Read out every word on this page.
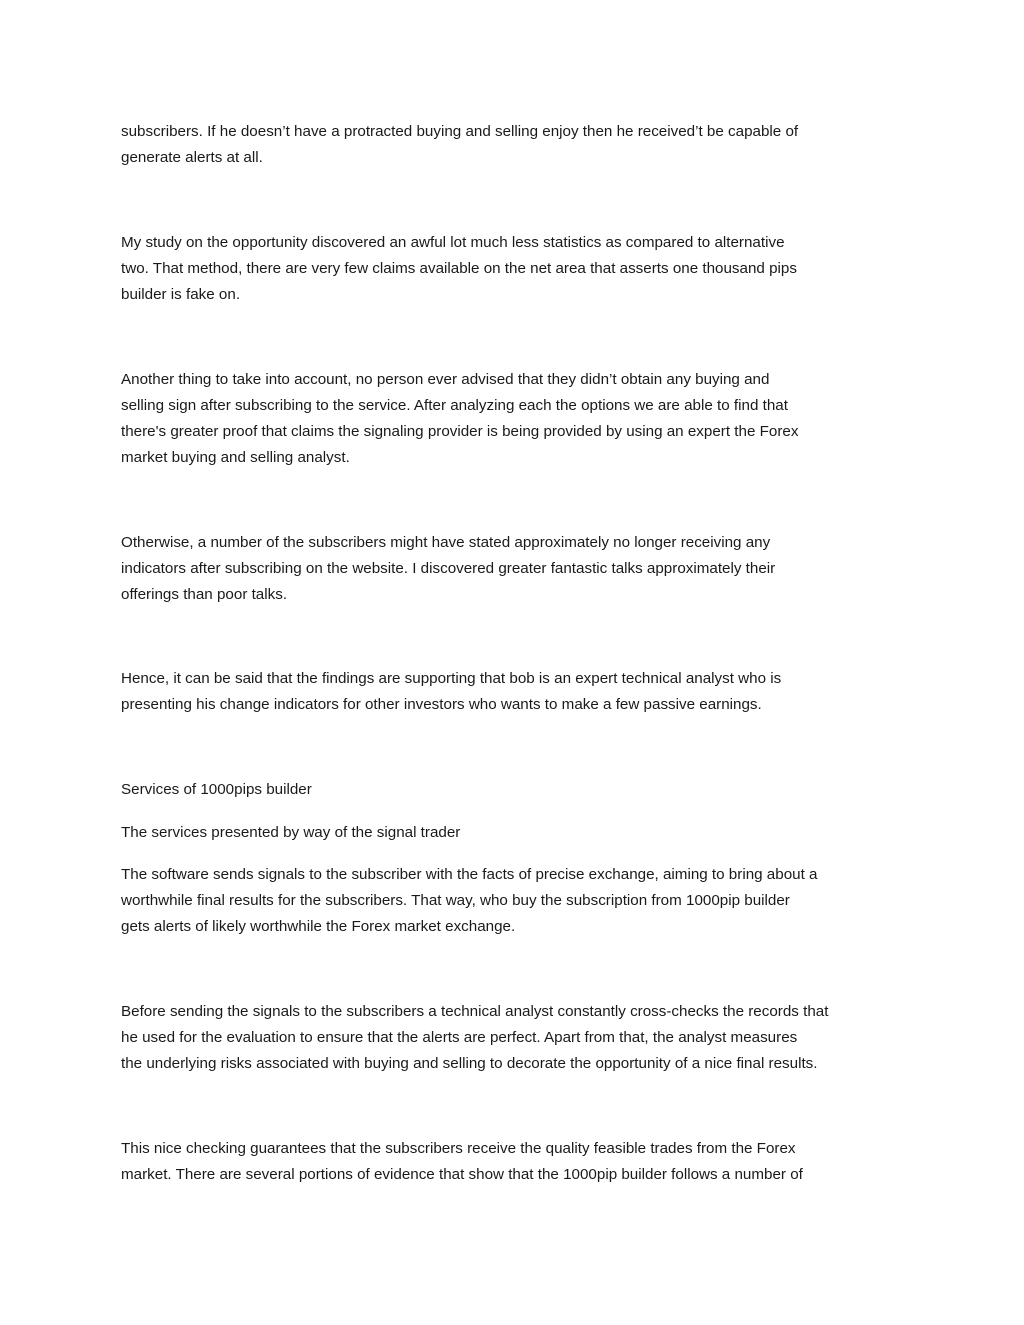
subscribers. If he doesn’t have a protracted buying and selling enjoy then he received’t be capable of
generate alerts at all.

My study on the opportunity discovered an awful lot much less statistics as compared to alternative
two. That method, there are very few claims available on the net area that asserts one thousand pips
builder is fake on.

Another thing to take into account, no person ever advised that they didn’t obtain any buying and
selling sign after subscribing to the service. After analyzing each the options we are able to find that
there's greater proof that claims the signaling provider is being provided by using an expert the Forex
market buying and selling analyst.

Otherwise, a number of the subscribers might have stated approximately no longer receiving any
indicators after subscribing on the website. I discovered greater fantastic talks approximately their
offerings than poor talks.

Hence, it can be said that the findings are supporting that bob is an expert technical analyst who is
presenting his change indicators for other investors who wants to make a few passive earnings.

Services of 1000pips builder

The services presented by way of the signal trader

The software sends signals to the subscriber with the facts of precise exchange, aiming to bring about a
worthwhile final results for the subscribers. That way, who buy the subscription from 1000pip builder
gets alerts of likely worthwhile the Forex market exchange.

Before sending the signals to the subscribers a technical analyst constantly cross-checks the records that
he used for the evaluation to ensure that the alerts are perfect. Apart from that, the analyst measures
the underlying risks associated with buying and selling to decorate the opportunity of a nice final results.

This nice checking guarantees that the subscribers receive the quality feasible trades from the Forex
market. There are several portions of evidence that show that the 1000pip builder follows a number of
